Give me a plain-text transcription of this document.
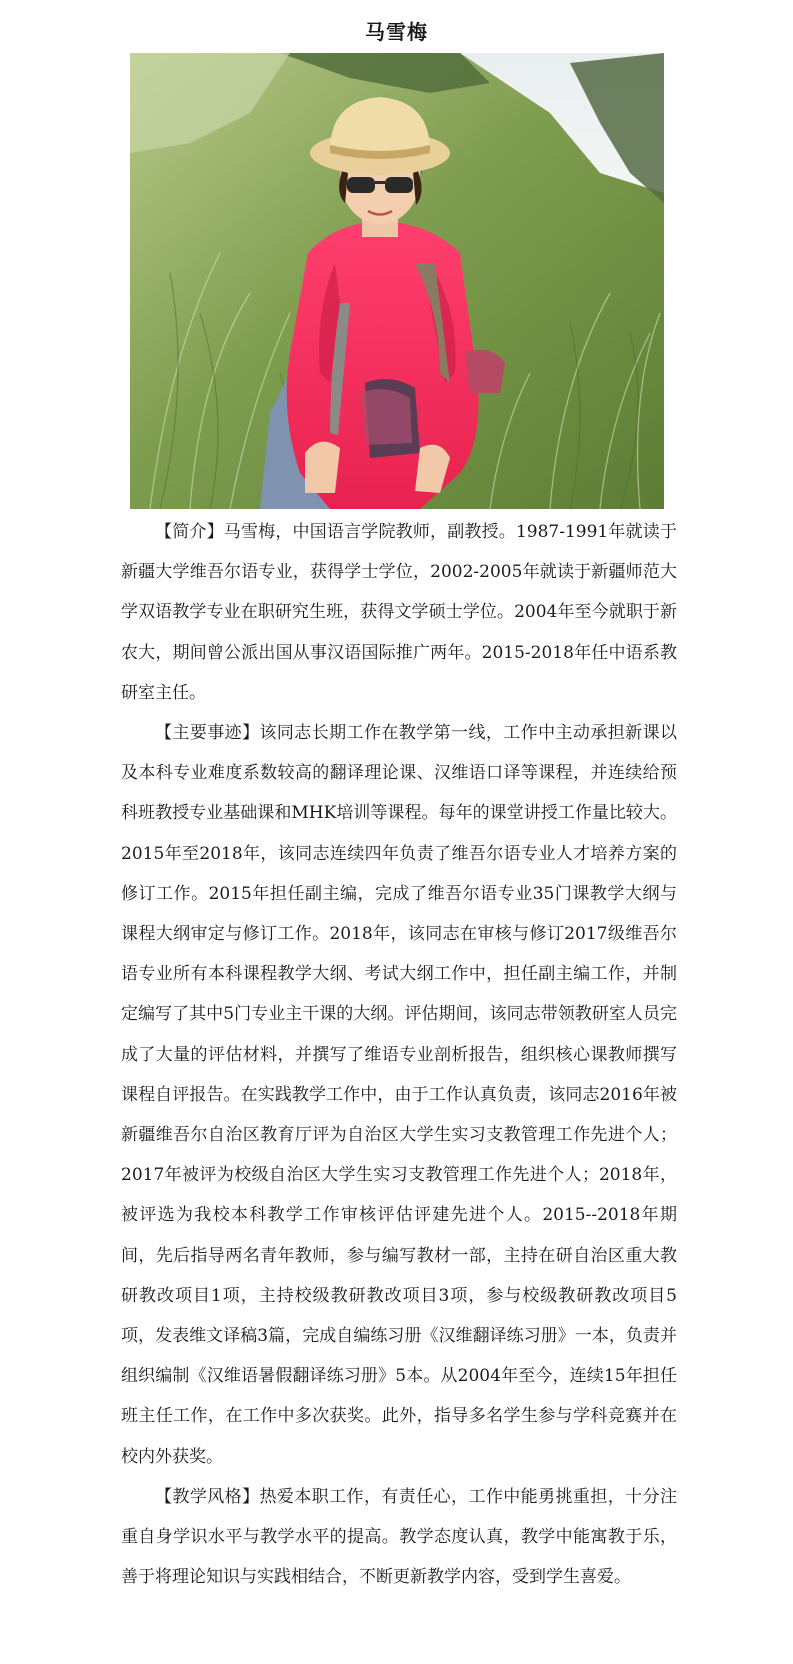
马雪梅

【简介】马雪梅，中国语言学院教师，副教授。1987-1991年就读于新疆大学维吾尔语专业，获得学士学位，2002-2005年就读于新疆师范大学双语教学专业在职研究生班，获得文学硕士学位。2004年至今就职于新农大，期间曾公派出国从事汉语国际推广两年。2015-2018年任中语系教研室主任。

【主要事迹】该同志长期工作在教学第一线，工作中主动承担新课以及本科专业难度系数较高的翻译理论课、汉维语口译等课程，并连续给预科班教授专业基础课和MHK培训等课程。每年的课堂讲授工作量比较大。2015年至2018年，该同志连续四年负责了维吾尔语专业人才培养方案的修订工作。2015年担任副主编，完成了维吾尔语专业35门课教学大纲与课程大纲审定与修订工作。2018年，该同志在审核与修订2017级维吾尔语专业所有本科课程教学大纲、考试大纲工作中，担任副主编工作，并制定编写了其中5门专业主干课的大纲。评估期间，该同志带领教研室人员完成了大量的评估材料，并撰写了维语专业剖析报告，组织核心课教师撰写课程自评报告。在实践教学工作中，由于工作认真负责，该同志2016年被新疆维吾尔自治区教育厅评为自治区大学生实习支教管理工作先进个人；2017年被评为校级自治区大学生实习支教管理工作先进个人；2018年，被评选为我校本科教学工作审核评估评建先进个人。2015--2018年期间，先后指导两名青年教师，参与编写教材一部，主持在研自治区重大教研教改项目1项，主持校级教研教改项目3项，参与校级教研教改项目5项，发表维文译稿3篇，完成自编练习册《汉维翻译练习册》一本，负责并组织编制《汉维语暑假翻译练习册》5本。从2004年至今，连续15年担任班主任工作，在工作中多次获奖。此外，指导多名学生参与学科竞赛并在校内外获奖。

【教学风格】热爱本职工作，有责任心，工作中能勇挑重担，十分注重自身学识水平与教学水平的提高。教学态度认真，教学中能寓教于乐，善于将理论知识与实践相结合，不断更新教学内容，受到学生喜爱。
